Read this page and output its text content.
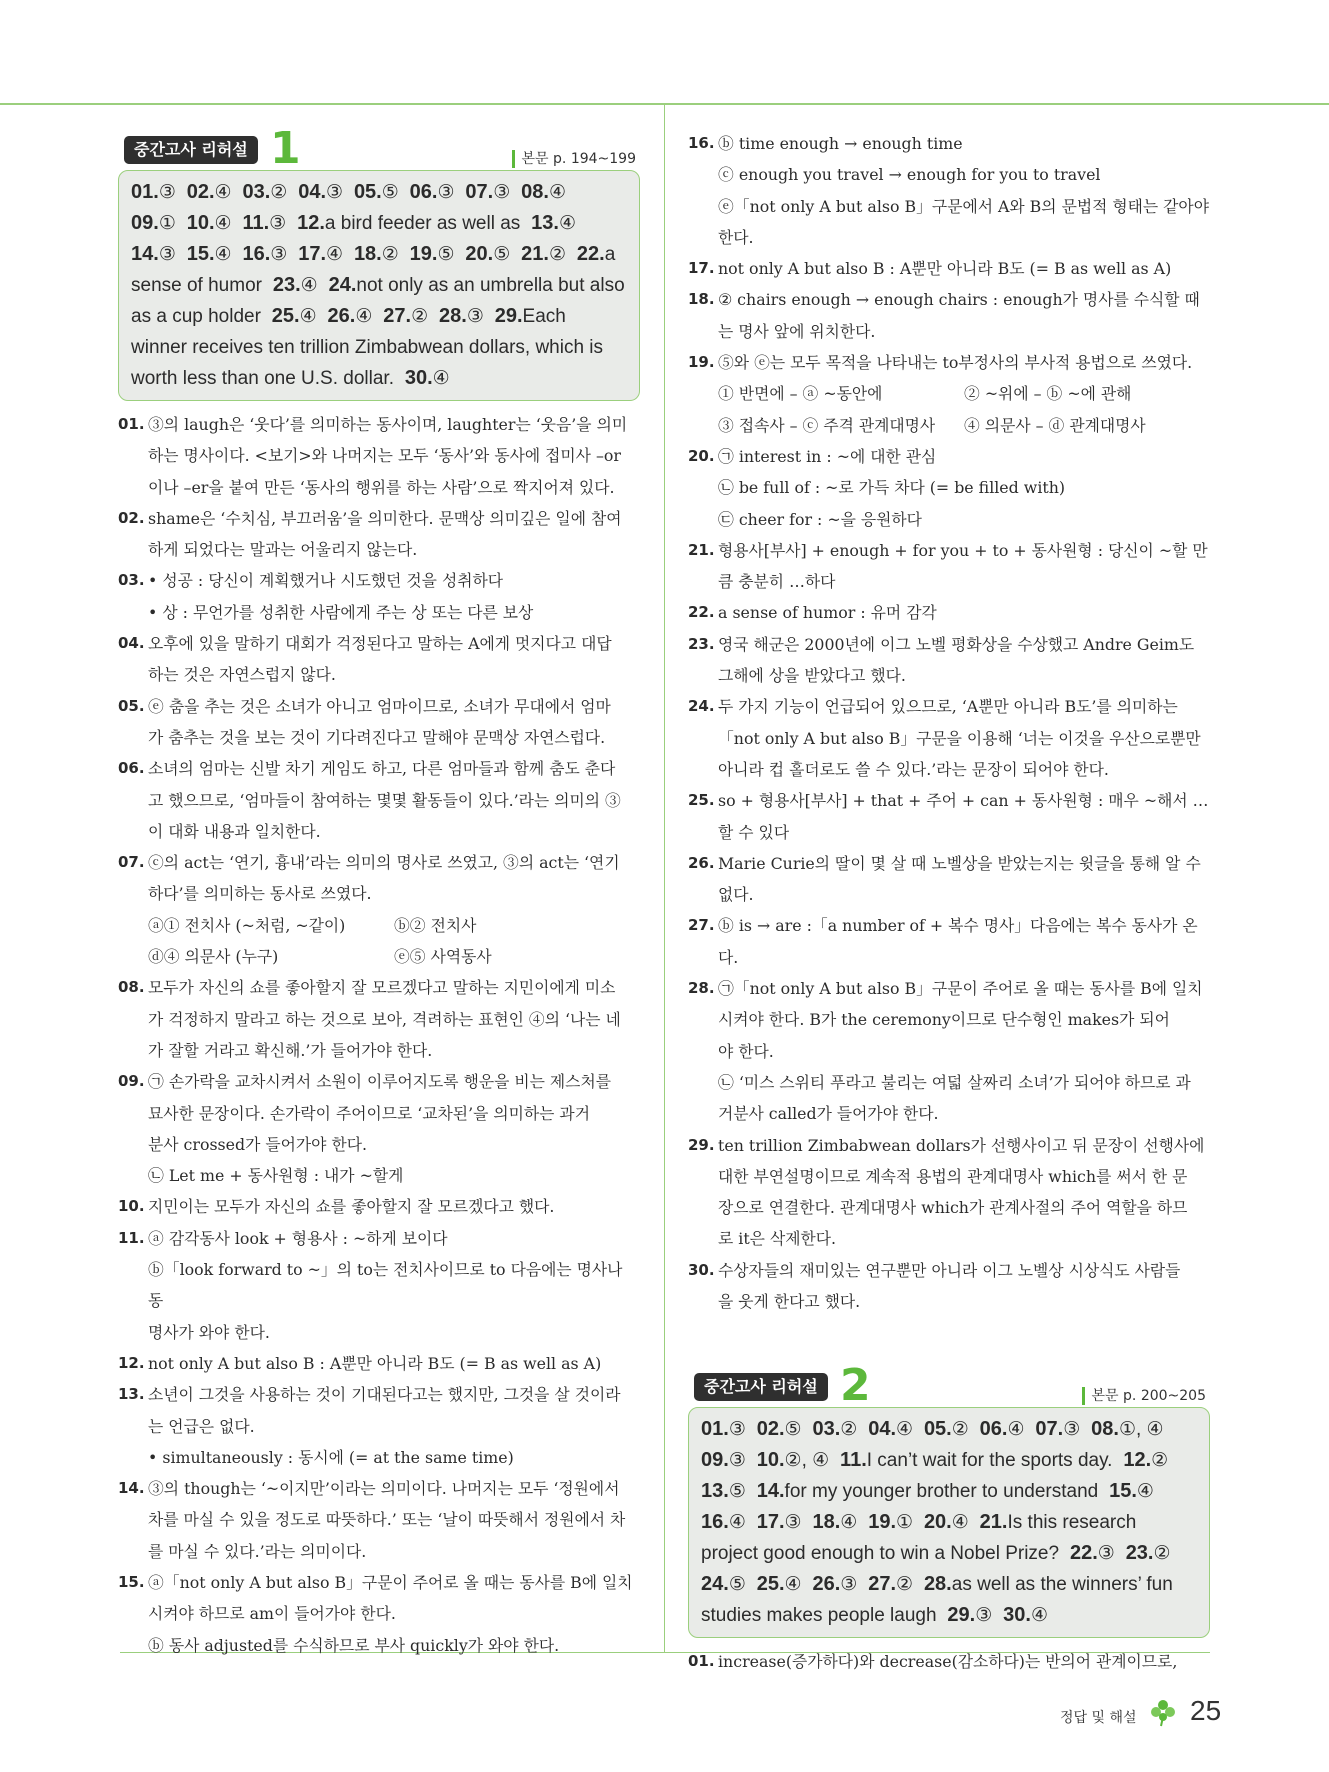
중간고사 리허설 1	본문 p. 194~199
01.③ 02.④ 03.② 04.③ 05.⑤ 06.③ 07.③ 08.④ 09.① 10.④ 11.③ 12.a bird feeder as well as 13.④ 14.③ 15.④ 16.③ 17.④ 18.② 19.⑤ 20.⑤ 21.② 22.a sense of humor 23.④ 24.not only as an umbrella but also as a cup holder 25.④ 26.④ 27.② 28.③ 29.Each winner receives ten trillion Zimbabwean dollars, which is worth less than one U.S. dollar. 30.④
01. ③의 laugh은 ‘웃다’를 의미하는 동사이며, laughter는 ‘웃음’을 의미
하는 명사이다. <보기>와 나머지는 모두 ‘동사’와 동사에 접미사 –or
이나 –er을 붙여 만든 ‘동사의 행위를 하는 사람’으로 짝지어져 있다.
02. shame은 ‘수치심, 부끄러움’을 의미한다. 문맥상 의미깊은 일에 참여
하게 되었다는 말과는 어울리지 않는다.
03. • 성공 : 당신이 계획했거나 시도했던 것을 성취하다
• 상 : 무언가를 성취한 사람에게 주는 상 또는 다른 보상
04. 오후에 있을 말하기 대회가 걱정된다고 말하는 A에게 멋지다고 대답
하는 것은 자연스럽지 않다.
05. ⓔ 춤을 추는 것은 소녀가 아니고 엄마이므로, 소녀가 무대에서 엄마
가 춤추는 것을 보는 것이 기다려진다고 말해야 문맥상 자연스럽다.
06. 소녀의 엄마는 신발 차기 게임도 하고, 다른 엄마들과 함께 춤도 춘다
고 했으므로, ‘엄마들이 참여하는 몇몇 활동들이 있다.’라는 의미의 ③
이 대화 내용과 일치한다.
07. ⓒ의 act는 ‘연기, 흉내’라는 의미의 명사로 쓰였고, ③의 act는 ‘연기
하다’를 의미하는 동사로 쓰였다.
ⓐ① 전치사 (~처럼, ~같이)	ⓑ② 전치사
ⓓ④ 의문사 (누구)	ⓔ⑤ 사역동사
08. 모두가 자신의 쇼를 좋아할지 잘 모르겠다고 말하는 지민이에게 미소
가 걱정하지 말라고 하는 것으로 보아, 격려하는 표현인 ④의 ‘나는 네
가 잘할 거라고 확신해.’가 들어가야 한다.
09. ㉠ 손가락을 교차시켜서 소원이 이루어지도록 행운을 비는 제스처를
묘사한 문장이다. 손가락이 주어이므로 ‘교차된’을 의미하는 과거
분사 crossed가 들어가야 한다.
㉡ Let me + 동사원형 : 내가 ~할게
10. 지민이는 모두가 자신의 쇼를 좋아할지 잘 모르겠다고 했다.
11. ⓐ 감각동사 look + 형용사 : ~하게 보이다
ⓑ「look forward to ~」의 to는 전치사이므로 to 다음에는 명사나 동
명사가 와야 한다.
12. not only A but also B : A뿐만 아니라 B도 (= B as well as A)
13. 소년이 그것을 사용하는 것이 기대된다고는 했지만, 그것을 살 것이라
는 언급은 없다.
• simultaneously : 동시에 (= at the same time)
14. ③의 though는 ‘~이지만’이라는 의미이다. 나머지는 모두 ‘정원에서
차를 마실 수 있을 정도로 따뜻하다.’ 또는 ‘날이 따뜻해서 정원에서 차
를 마실 수 있다.’라는 의미이다.
15. ⓐ「not only A but also B」구문이 주어로 올 때는 동사를 B에 일치
시켜야 하므로 am이 들어가야 한다.
ⓑ 동사 adjusted를 수식하므로 부사 quickly가 와야 한다.
16. ⓑ time enough → enough time
ⓒ enough you travel → enough for you to travel
ⓔ「not only A but also B」구문에서 A와 B의 문법적 형태는 같아야
한다.
17. not only A but also B : A뿐만 아니라 B도 (= B as well as A)
18. ② chairs enough → enough chairs : enough가 명사를 수식할 때
는 명사 앞에 위치한다.
19. ⑤와 ⓔ는 모두 목적을 나타내는 to부정사의 부사적 용법으로 쓰였다.
① 반면에 – ⓐ ~동안에	② ~위에 – ⓑ ~에 관해
③ 접속사 – ⓒ 주격 관계대명사	④ 의문사 – ⓓ 관계대명사
20. ㉠ interest in : ~에 대한 관심
㉡ be full of : ~로 가득 차다 (= be filled with)
㉢ cheer for : ~을 응원하다
21. 형용사[부사] + enough + for you + to + 동사원형 : 당신이 ~할 만
큼 충분히 …하다
22. a sense of humor : 유머 감각
23. 영국 해군은 2000년에 이그 노벨 평화상을 수상했고 Andre Geim도
그해에 상을 받았다고 했다.
24. 두 가지 기능이 언급되어 있으므로, ‘A뿐만 아니라 B도’를 의미하는
「not only A but also B」구문을 이용해 ‘너는 이것을 우산으로뿐만
아니라 컵 홀더로도 쓸 수 있다.’라는 문장이 되어야 한다.
25. so + 형용사[부사] + that + 주어 + can + 동사원형 : 매우 ~해서 …
할 수 있다
26. Marie Curie의 딸이 몇 살 때 노벨상을 받았는지는 윗글을 통해 알 수
없다.
27. ⓑ is → are :「a number of + 복수 명사」다음에는 복수 동사가 온다.
28. ㉠「not only A but also B」구문이 주어로 올 때는 동사를 B에 일치
시켜야 한다. B가 the ceremony이므로 단수형인 makes가 되어
야 한다.
㉡ ‘미스 스위티 푸라고 불리는 여덟 살짜리 소녀’가 되어야 하므로 과
거분사 called가 들어가야 한다.
29. ten trillion Zimbabwean dollars가 선행사이고 뒤 문장이 선행사에
대한 부연설명이므로 계속적 용법의 관계대명사 which를 써서 한 문
장으로 연결한다. 관계대명사 which가 관계사절의 주어 역할을 하므
로 it은 삭제한다.
30. 수상자들의 재미있는 연구뿐만 아니라 이그 노벨상 시상식도 사람들
을 웃게 한다고 했다.
중간고사 리허설 2	본문 p. 200~205
01.③ 02.⑤ 03.② 04.④ 05.② 06.④ 07.③ 08.①, ④ 09.③ 10.②, ④ 11.I can’t wait for the sports day. 12.② 13.⑤ 14.for my younger brother to understand 15.④ 16.④ 17.③ 18.④ 19.① 20.④ 21.Is this research project good enough to win a Nobel Prize? 22.③ 23.② 24.⑤ 25.④ 26.③ 27.② 28.as well as the winners’ fun studies makes people laugh 29.③ 30.④
01. increase(증가하다)와 decrease(감소하다)는 반의어 관계이므로,
정답 및 해설 25
